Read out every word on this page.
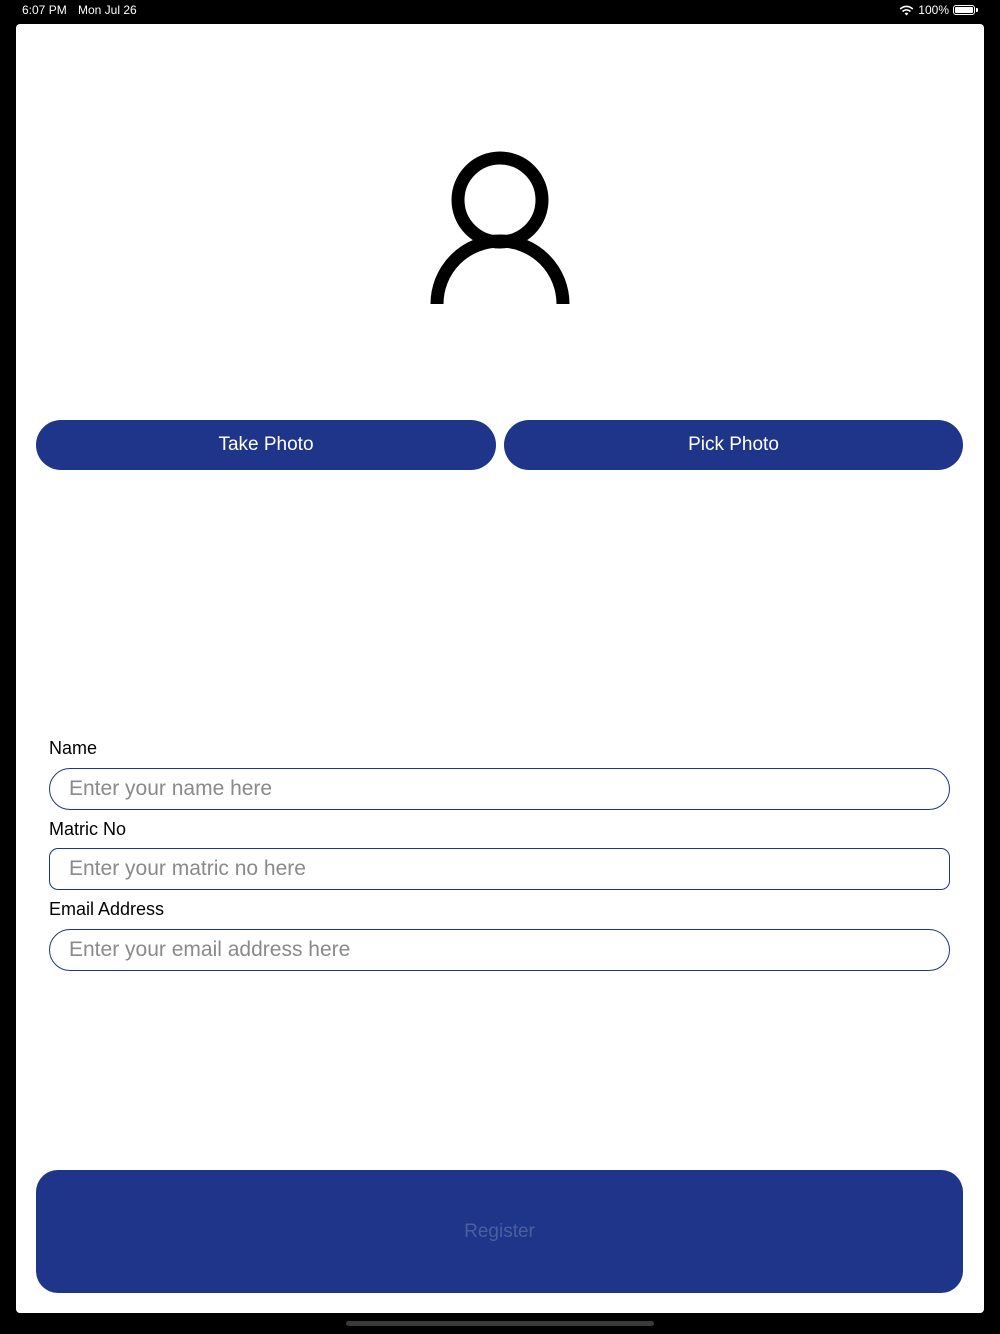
6:07 PM Mon Jul 26	100%
Take Photo	Pick Photo
Name
Enter your name here
Matric No
Enter your matric no here
Email Address
Enter your email address here
Register
